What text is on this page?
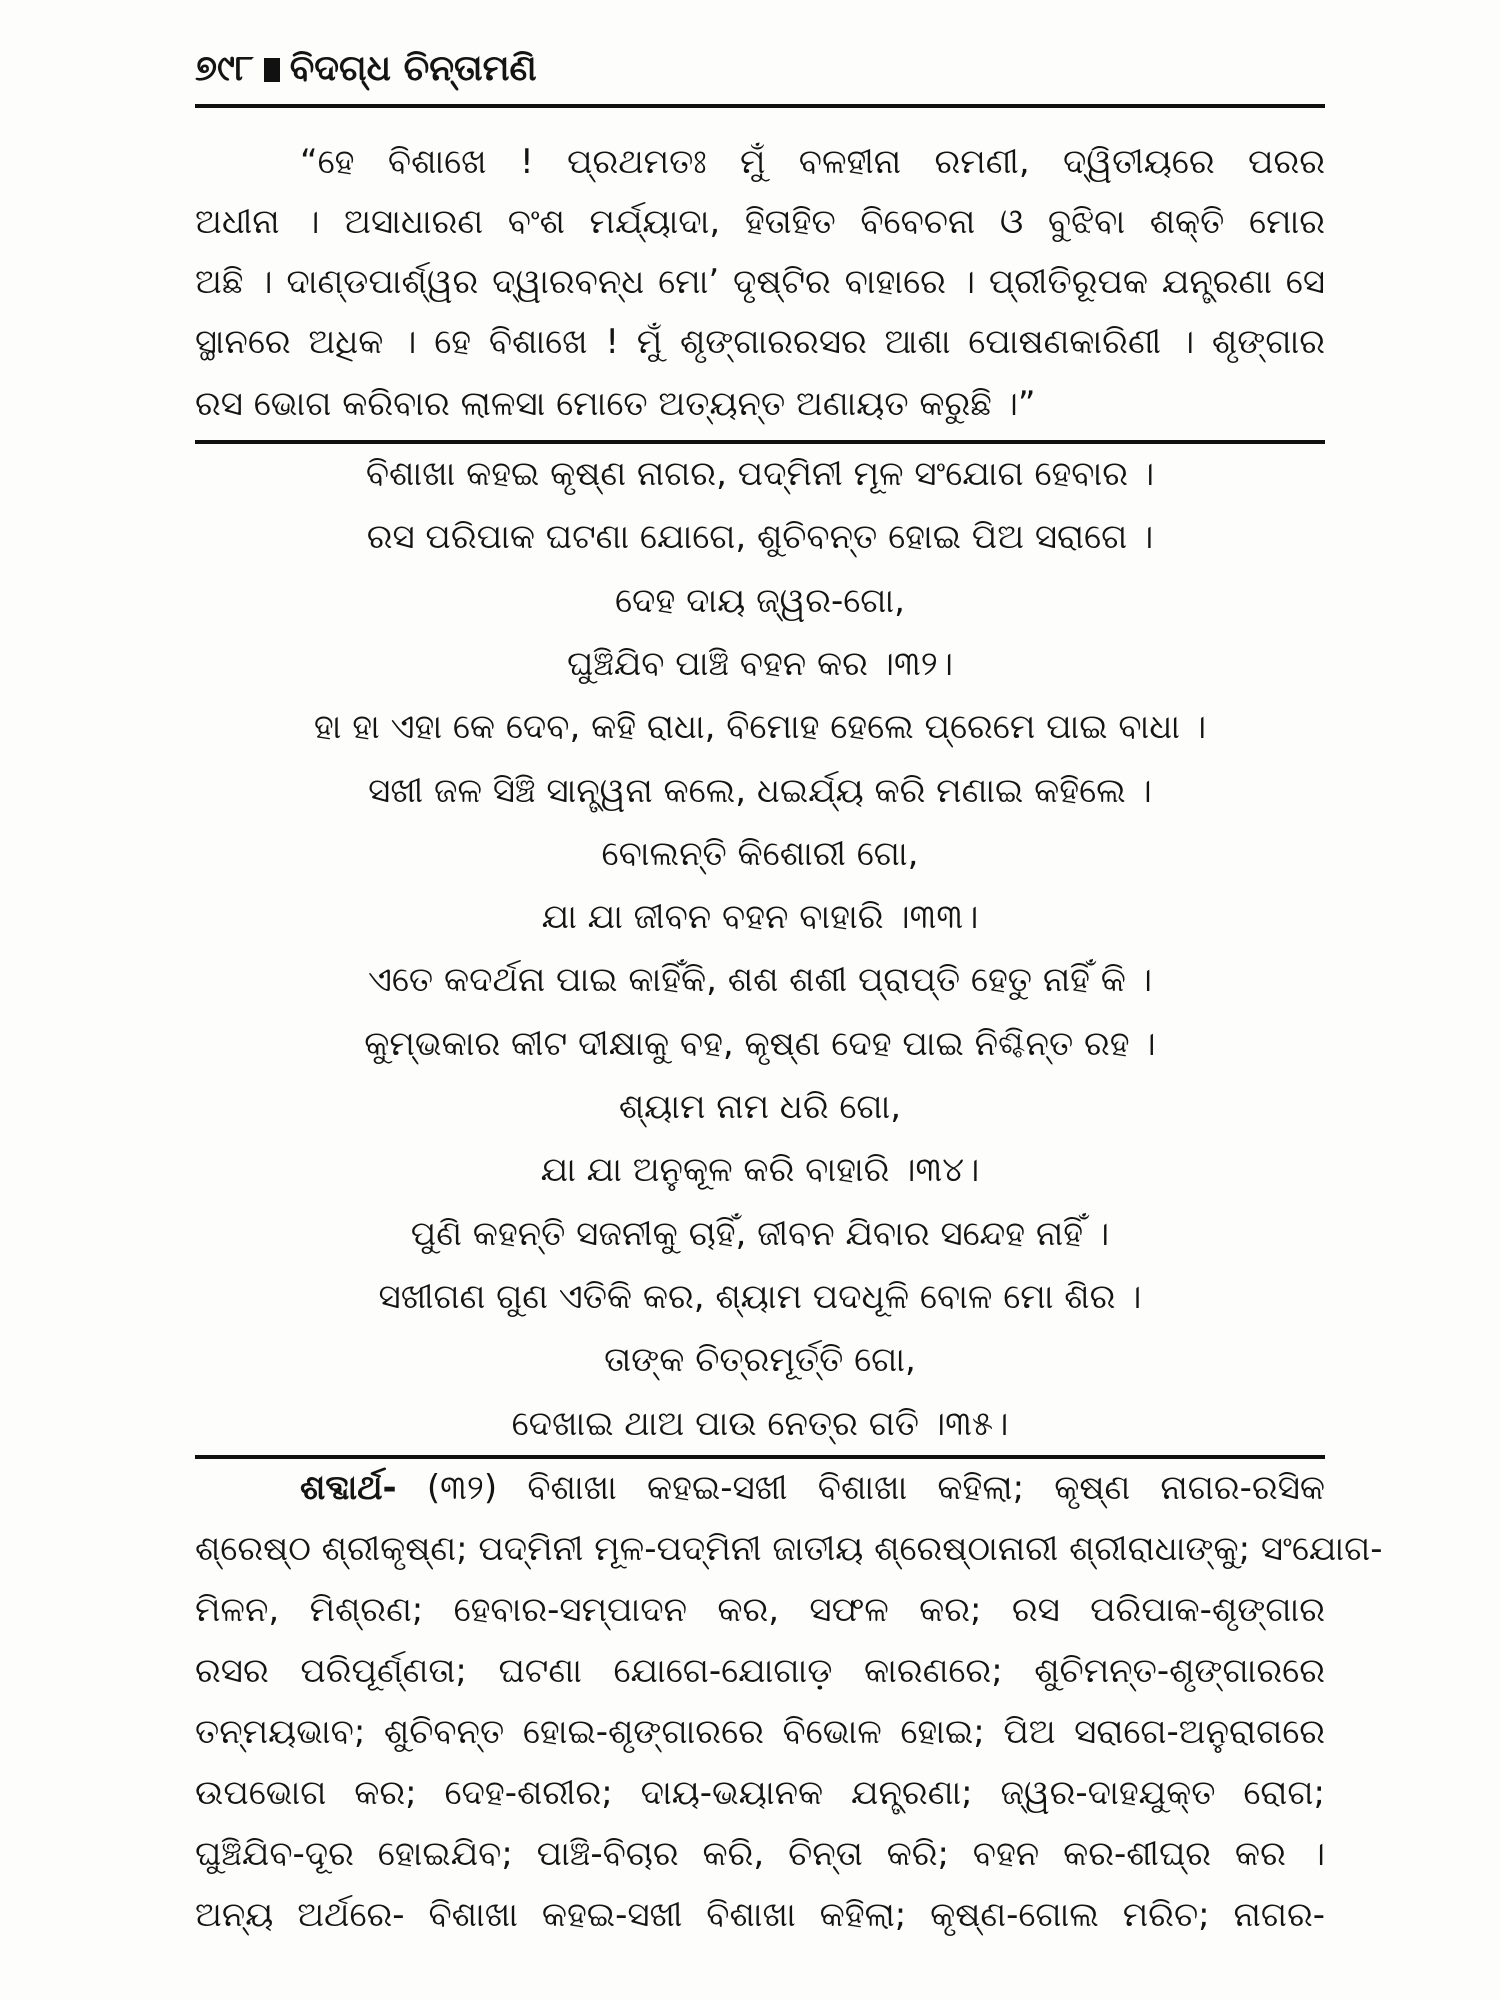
୭୯୮ ବିଦଗ୍ଧ ଚିନ୍ତାମଣି
“ହେ ବିଶାଖେ ! ପ୍ରଥମତଃ ମୁଁ ବଳହୀନା ରମଣୀ, ଦ୍ୱିତୀୟରେ ପରର
ଅଧୀନା । ଅସାଧାରଣ ବଂଶ ମର୍ଯ୍ୟାଦା, ହିତାହିତ ବିବେଚନା ଓ ବୁଝିବା ଶକ୍ତି ମୋର
ଅଛି । ଦାଣ୍ଡପାର୍ଶ୍ୱର ଦ୍ୱାରବନ୍ଧ ମୋ’ ଦୃଷ୍ଟିର ବାହାରେ । ପ୍ରୀତିରୂପକ ଯନ୍ତ୍ରଣା ସେ
ସ୍ଥାନରେ ଅଧିକ । ହେ ବିଶାଖେ ! ମୁଁ ଶୃଙ୍ଗାରରସର ଆଶା ପୋଷଣକାରିଣୀ । ଶୃଙ୍ଗାର
ରସ ଭୋଗ କରିବାର ଲାଳସା ମୋତେ ଅତ୍ୟନ୍ତ ଅଣାୟତ କରୁଛି ।”
ବିଶାଖା କହଇ କୃଷ୍ଣ ନାଗର, ପଦ୍ମିନୀ ମୂଳ ସଂଯୋଗ ହେବାର ।
ରସ ପରିପାକ ଘଟଣା ଯୋଗେ, ଶୁଚିବନ୍ତ ହୋଇ ପିଅ ସରାଗେ ।
ଦେହ ଦାୟ ଜ୍ୱର-ଗୋ,
ଘୁଞ୍ଚିଯିବ ପାଞ୍ଚି ବହନ କର ।୩୨।
ହା ହା ଏହା କେ ଦେବ, କହି ରାଧା, ବିମୋହ ହେଲେ ପ୍ରେମେ ପାଇ ବାଧା ।
ସଖୀ ଜଳ ସିଞ୍ଚି ସାନ୍ତ୍ୱନା କଲେ, ଧଇର୍ଯ୍ୟ କରି ମଣାଇ କହିଲେ ।
ବୋଲନ୍ତି କିଶୋରୀ ଗୋ,
ଯା ଯା ଜୀବନ ବହନ ବାହାରି ।୩୩।
ଏତେ କଦର୍ଥନା ପାଇ କାହିଁକି, ଶଶ ଶଶୀ ପ୍ରାପ୍ତି ହେତୁ ନାହିଁ କି ।
କୁମ୍ଭକାର କୀଟ ଦୀକ୍ଷାକୁ ବହ, କୃଷ୍ଣ ଦେହ ପାଇ ନିଶ୍ଚିନ୍ତ ରହ ।
ଶ୍ୟାମ ନାମ ଧରି ଗୋ,
ଯା ଯା ଅନୁକୂଳ କରି ବାହାରି ।୩୪।
ପୁଣି କହନ୍ତି ସଜନୀକୁ ଚାହିଁ, ଜୀବନ ଯିବାର ସନ୍ଦେହ ନାହିଁ ।
ସଖୀଗଣ ଗୁଣ ଏତିକି କର, ଶ୍ୟାମ ପଦଧୂଳି ବୋଳ ମୋ ଶିର ।
ତାଙ୍କ ଚିତ୍ରମୂର୍ତ୍ତି ଗୋ,
ଦେଖାଇ ଥାଅ ପାଉ ନେତ୍ର ଗତି ।୩୫।
ଶବ୍ଦାର୍ଥ- (୩୨) ବିଶାଖା କହଇ-ସଖୀ ବିଶାଖା କହିଲା; କୃଷ୍ଣ ନାଗର-ରସିକ
ଶ୍ରେଷ୍ଠ ଶ୍ରୀକୃଷ୍ଣ; ପଦ୍ମିନୀ ମୂଳ-ପଦ୍ମିନୀ ଜାତୀୟ ଶ୍ରେଷ୍ଠାନାରୀ ଶ୍ରୀରାଧାଙ୍କୁ; ସଂଯୋଗ-
ମିଳନ, ମିଶ୍ରଣ; ହେବାର-ସମ୍ପାଦନ କର, ସଫଳ କର; ରସ ପରିପାକ-ଶୃଙ୍ଗାର
ରସର ପରିପୂର୍ଣ୍ଣତା; ଘଟଣା ଯୋଗେ-ଯୋଗାଡ଼ କାରଣରେ; ଶୁଚିମନ୍ତ-ଶୃଙ୍ଗାରରେ
ତନ୍ମୟଭାବ; ଶୁଚିବନ୍ତ ହୋଇ-ଶୃଙ୍ଗାରରେ ବିଭୋଳ ହୋଇ; ପିଅ ସରାଗେ-ଅନୁରାଗରେ
ଉପଭୋଗ କର; ଦେହ-ଶରୀର; ଦାୟ-ଭୟାନକ ଯନ୍ତ୍ରଣା; ଜ୍ୱର-ଦାହଯୁକ୍ତ ରୋଗ;
ଘୁଞ୍ଚିଯିବ-ଦୂର ହୋଇଯିବ; ପାଞ୍ଚି-ବିଚାର କରି, ଚିନ୍ତା କରି; ବହନ କର-ଶୀଘ୍ର କର ।
ଅନ୍ୟ ଅର୍ଥରେ- ବିଶାଖା କହଇ-ସଖୀ ବିଶାଖା କହିଲା; କୃଷ୍ଣ-ଗୋଲ ମରିଚ; ନାଗର-
